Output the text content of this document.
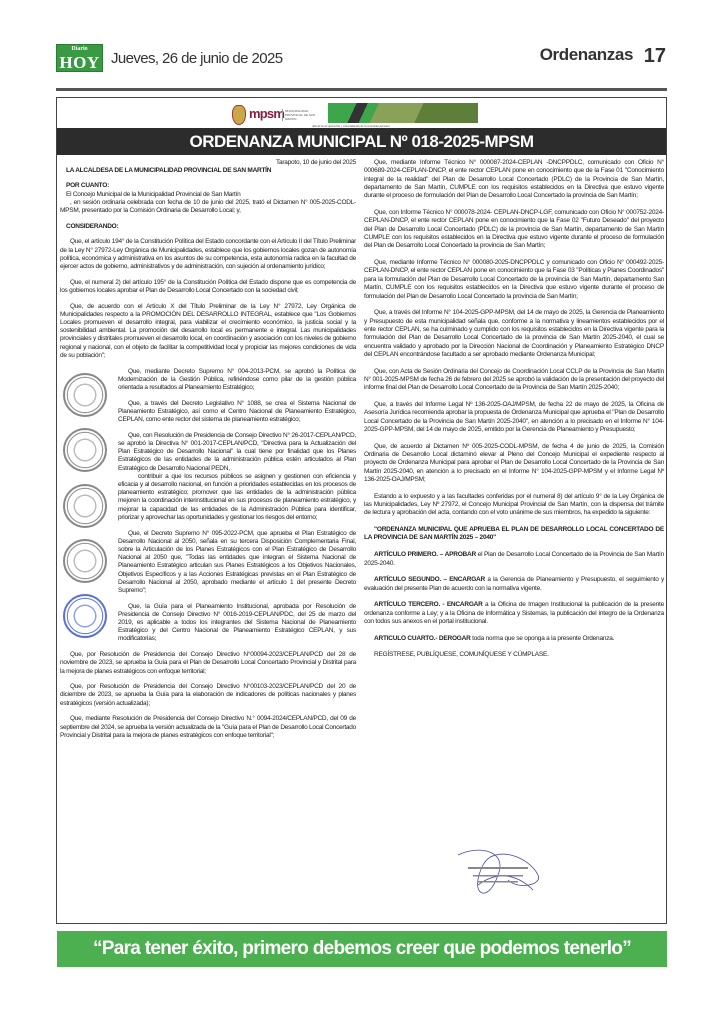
Diario
HOY Jueves, 26 de junio de 2025	Ordenanzas 17
mpsm MUNICIPALIDAD PROVINCIAL DE SAN MARTIN
Año de la recuperación y consolidación de la economía peruana
ORDENANZA MUNICIPAL Nº 018-2025-MPSM

Tarapoto, 10 de junio del 2025

LA ALCALDESA DE LA MUNICIPALIDAD PROVINCIAL DE SAN MARTÍN

POR CUANTO:

El Concejo Municipal de la Municipalidad Provincial de San Martín

, en sesión ordinaria celebrada con fecha de 10 de junio del 2025, trató el Dictamen N° 005-2025-CODL-MPSM, presentado por la Comisión Ordinaria de Desarrollo Local; y,

CONSIDERANDO:

Que, el artículo 194° de la Constitución Política del Estado concordante con el Artículo II del Título Preliminar de la Ley N° 27972-Ley Orgánica de Municipalidades, establece que los gobiernos locales gozan de autonomía política, económica y administrativa en los asuntos de su competencia, esta autonomía radica en la facultad de ejercer actos de gobierno, administrativos y de administración, con sujeción al ordenamiento jurídico;

Que, el numeral 2) del artículo 195° de la Constitución Política del Estado dispone que es competencia de los gobiernos locales aprobar el Plan de Desarrollo Local Concertado con la sociedad civil;

Que, de acuerdo con el Artículo X del Título Preliminar de la Ley N° 27972, Ley Orgánica de Municipalidades respecto a la PROMOCIÓN DEL DESARROLLO INTEGRAL, establece que "Los Gobiernos Locales promueven el desarrollo integral, para viabilizar el crecimiento económico, la justicia social y la sostenibilidad ambiental. La promoción del desarrollo local es permanente e integral. Las municipalidades provinciales y distritales promueven el desarrollo local, en coordinación y asociación con los niveles de gobierno regional y nacional, con el objeto de facilitar la competitividad local y propiciar las mejores condiciones de vida de su población";

Que, mediante Decreto Supremo N° 004-2013-PCM, se aprobó la Política de Modernización de la Gestión Pública, refiriéndose como pilar de la gestión pública orientada a resultados al Planeamiento Estratégico;

Que, a través del Decreto Legislativo N° 1088, se crea el Sistema Nacional de Planeamiento Estratégico, así como el Centro Nacional de Planeamiento Estratégico, CEPLAN, como ente rector del sistema de planeamiento estratégico;

Que, con Resolución de Presidencia de Consejo Directivo N° 26-2017-CEPLAN/PCD, se aprobó la Directiva N° 001-2017-CEPLAN/PCD, "Directiva para la Actualización del Plan Estratégico de Desarrollo Nacional" la cual tiene por finalidad que los Planes Estratégicos de las entidades de la administración pública estén articulados al Plan Estratégico de Desarrollo Nacional PEDN,

contribuir a que los recursos públicos se asignen y gestionen con eficiencia y eficacia y al desarrollo nacional, en función a prioridades establecidas en los procesos de planeamiento estratégico; promover que las entidades de la administración pública mejoren la coordinación interinstitucional en sus procesos de planeamiento estratégico, y mejorar la capacidad de las entidades de la Administración Pública para identificar, priorizar y aprovechar las oportunidades y gestionar los riesgos del entorno;

Que, el Decreto Supremo N° 095-2022-PCM, que aprueba el Plan Estratégico de Desarrollo Nacional al 2050, señala en su tercera Disposición Complementaria Final, sobre la Articulación de los Planes Estratégicos con el Plan Estratégico de Desarrollo Nacional al 2050 que, "Todas las entidades que integran el Sistema Nacional de Planeamiento Estratégico articulan sus Planes Estratégicos a los Objetivos Nacionales, Objetivos Específicos y a las Acciones Estratégicas previstas en el Plan Estratégico de Desarrollo Nacional al 2050, aprobado mediante el artículo 1 del presente Decreto Supremo";

Que, la Guía para el Planeamiento Institucional, aprobada por Resolución de Presidencia de Consejo Directivo N° 0016-2019-CEPLAN/PDC, del 25 de marzo del 2019, es aplicable a todos los integrantes del Sistema Nacional de Planeamiento Estratégico y del Centro Nacional de Planeamiento Estratégico CEPLAN, y sus modificatorias;

Que, por Resolución de Presidencia del Consejo Directivo N°00094-2023/CEPLAN/PCD del 28 de noviembre de 2023, se aprueba la Guía para el Plan de Desarrollo Local Concertado Provincial y Distrital para la mejora de planes estratégicos con enfoque territorial;

Que, por Resolución de Presidencia del Consejo Directivo N°00103-2023/CEPLAN/PCD del 20 de diciembre de 2023, se aprueba la Guía para la elaboración de indicadores de políticas nacionales y planes estratégicos (versión actualizada);

Que, mediante Resolución de Presidencia del Consejo Directivo N.° 0094-2024/CEPLAN/PCD, del 09 de septiembre del 2024, se aprueba la versión actualizada de la "Guía para el Plan de Desarrollo Local Concertado Provincial y Distrital para la mejora de planes estratégicos con enfoque territorial";

Que, mediante Informe Técnico N° 000087-2024-CEPLAN -DNCPPDLC, comunicado con Oficio N° 000689-2024-CEPLAN-DNCP, el ente rector CEPLAN pone en conocimiento que de la Fase 01 "Conocimiento integral de la realidad" del Plan de Desarrollo Local Concertado (PDLC) de la Provincia de San Martín, departamento de San Martín, CUMPLE con los requisitos establecidos en la Directiva que estuvo vigente durante el proceso de formulación del Plan de Desarrollo Local Concertado la provincia de San Martín;

Que, con Informe Técnico N° 000078-2024- CEPLAN-DNCP-LGF, comunicado con Oficio N° 000752-2024-CEPLAN-DNCP, el ente rector CEPLAN pone en conocimiento que la Fase 02 "Futuro Deseado" del proyecto del Plan de Desarrollo Local Concertado (PDLC) de la provincia de San Martín, departamento de San Martín CUMPLE con los requisitos establecidos en la Directiva que estuvo vigente durante el proceso de formulación del Plan de Desarrollo Local Concertado la provincia de San Martín;

Que, mediante Informe Técnico N° 000080-2025-DNCPPDLC y comunicado con Oficio N° 000492-2025-CEPLAN-DNCP, el ente rector CEPLAN pone en conocimiento que la Fase 03 "Políticas y Planes Coordinados" para la formulación del Plan de Desarrollo Local Concertado de la provincia de San Martín, departamento San Martín, CUMPLE con los requisitos establecidos en la Directiva que estuvo vigente durante el proceso de formulación del Plan de Desarrollo Local Concertado la provincia de San Martín;

Que, a través del Informe N° 104-2025-GPP-MPSM, del 14 de mayo de 2025, la Gerencia de Planeamiento y Presupuesto de esta municipalidad señala que, conforme a la normativa y lineamientos establecidos por el ente rector CEPLAN, se ha culminado y cumplido con los requisitos establecidos en la Directiva vigente para la formulación del Plan de Desarrollo Local Concertado de la provincia de San Martín 2025-2040, el cual se encuentra validado y aprobado por la Dirección Nacional de Coordinación y Planeamiento Estratégico DNCP del CEPLAN encontrándose facultado a ser aprobado mediante Ordenanza Municipal;

Que, con Acta de Sesión Ordinaria del Concejo de Coordinación Local CCLP de la Provincia de San Martín N° 001-2025-MPSM de fecha 26 de febrero del 2025 se aprobó la validación de la presentación del proyecto del informe final del Plan de Desarrollo Local Concertado de la Provincia de San Martín 2025-2040;

Que, a través del Informe Legal Nº 136-2025-OAJ/MPSM, de fecha 22 de mayo de 2025, la Oficina de Asesoría Jurídica recomienda aprobar la propuesta de Ordenanza Municipal que aprueba el "Plan de Desarrollo Local Concertado de la Provincia de San Martín 2025-2040", en atención a lo precisado en el Informe N° 104-2025-GPP-MPSM, del 14 de mayo de 2025, emitido por la Gerencia de Planeamiento y Presupuesto;

Que, de acuerdo al Dictamen Nº 005-2025-CODL-MPSM, de fecha 4 de junio de 2025, la Comisión Ordinaria de Desarrollo Local dictaminó elevar al Pleno del Concejo Municipal el expediente respecto al proyecto de Ordenanza Municipal para aprobar el Plan de Desarrollo Local Concertado de la Provincia de San Martín 2025-2040, en atención a lo precisado en el Informe N° 104-2025-GPP-MPSM y el Informe Legal Nº 136-2025-OAJ/MPSM;

Estando a lo expuesto y a las facultades conferidas por el numeral 8) del artículo 9° de la Ley Orgánica de las Municipalidades, Ley Nº 27972, el Concejo Municipal Provincial de San Martín, con la dispensa del trámite de lectura y aprobación del acta, contando con el voto unánime de sus miembros, ha expedido la siguiente:

"ORDENANZA MUNICIPAL QUE APRUEBA EL PLAN DE DESARROLLO LOCAL CONCERTADO DE LA PROVINCIA DE SAN MARTÍN 2025 – 2040"

ARTÍCULO PRIMERO. – APROBAR el Plan de Desarrollo Local Concertado de la Provincia de San Martín 2025-2040.

ARTÍCULO SEGUNDO. – ENCARGAR a la Gerencia de Planeamiento y Presupuesto, el seguimiento y evaluación del presente Plan de acuerdo con la normativa vigente.

ARTÍCULO TERCERO. - ENCARGAR a la Oficina de Imagen Institucional la publicación de la presente ordenanza conforme a Ley; y a la Oficina de Informática y Sistemas, la publicación del íntegro de la Ordenanza con todos sus anexos en el portal institucional.

ARTICULO CUARTO.- DEROGAR toda norma que se oponga a la presente Ordenanza.

REGÍSTRESE, PUBLÍQUESE, COMUNÍQUESE Y CÚMPLASE.

“Para tener éxito, primero debemos creer que podemos tenerlo”
